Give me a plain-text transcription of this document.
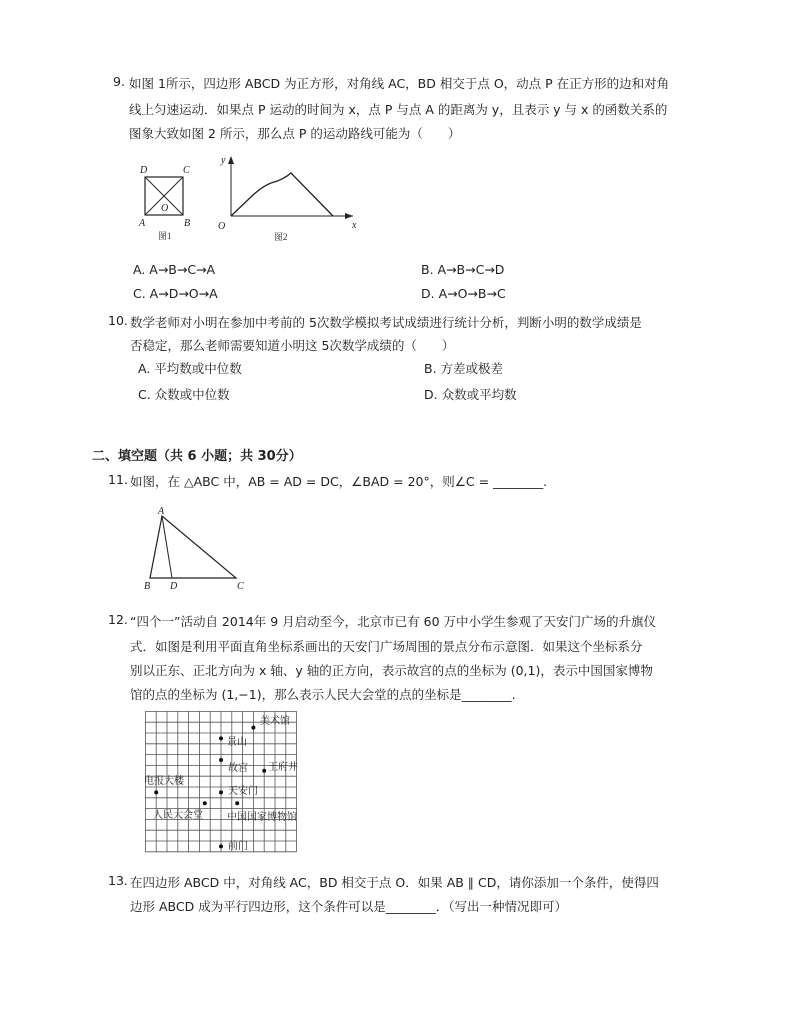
9. 如图 1所示，四边形 ABCD 为正方形，对角线 AC，BD 相交于点 O，动点 P 在正方形的边和对角
线上匀速运动．如果点 P 运动的时间为 x，点 P 与点 A 的距离为 y，且表示 y 与 x 的函数关系的
图象大致如图 2 所示，那么点 P 的运动路线可能为（　　）
D	C
O
A	B
图1
y
x
O
图2
A. A→B→C→A	B. A→B→C→D
C. A→D→O→A	D. A→O→B→C
10. 数学老师对小明在参加中考前的 5次数学模拟考试成绩进行统计分析，判断小明的数学成绩是
否稳定，那么老师需要知道小明这 5次数学成绩的（　　）
A. 平均数或中位数	B. 方差或极差
C. 众数或中位数	D. 众数或平均数
二、填空题（共 6 小题；共 30分）
11. 如图，在 △ABC 中，AB = AD = DC，∠BAD = 20°，则∠C = ________.
A
B D	C
12. “四个一”活动自 2014年 9 月启动至今，北京市已有 60 万中小学生参观了天安门广场的升旗仪
式．如图是利用平面直角坐标系画出的天安门广场周围的景点分布示意图．如果这个坐标系分
别以正东、正北方向为 x 轴、y 轴的正方向，表示故宫的点的坐标为 (0,1)，表示中国国家博物
馆的点的坐标为 (1,−1)，那么表示人民大会堂的点的坐标是________.
美术馆
景山
故宫 王府井
电报大楼
天安门
人民大会堂 中国国家博物馆
前门
13. 在四边形 ABCD 中，对角线 AC，BD 相交于点 O．如果 AB ∥ CD，请你添加一个条件，使得四
边形 ABCD 成为平行四边形，这个条件可以是________．（写出一种情况即可）
